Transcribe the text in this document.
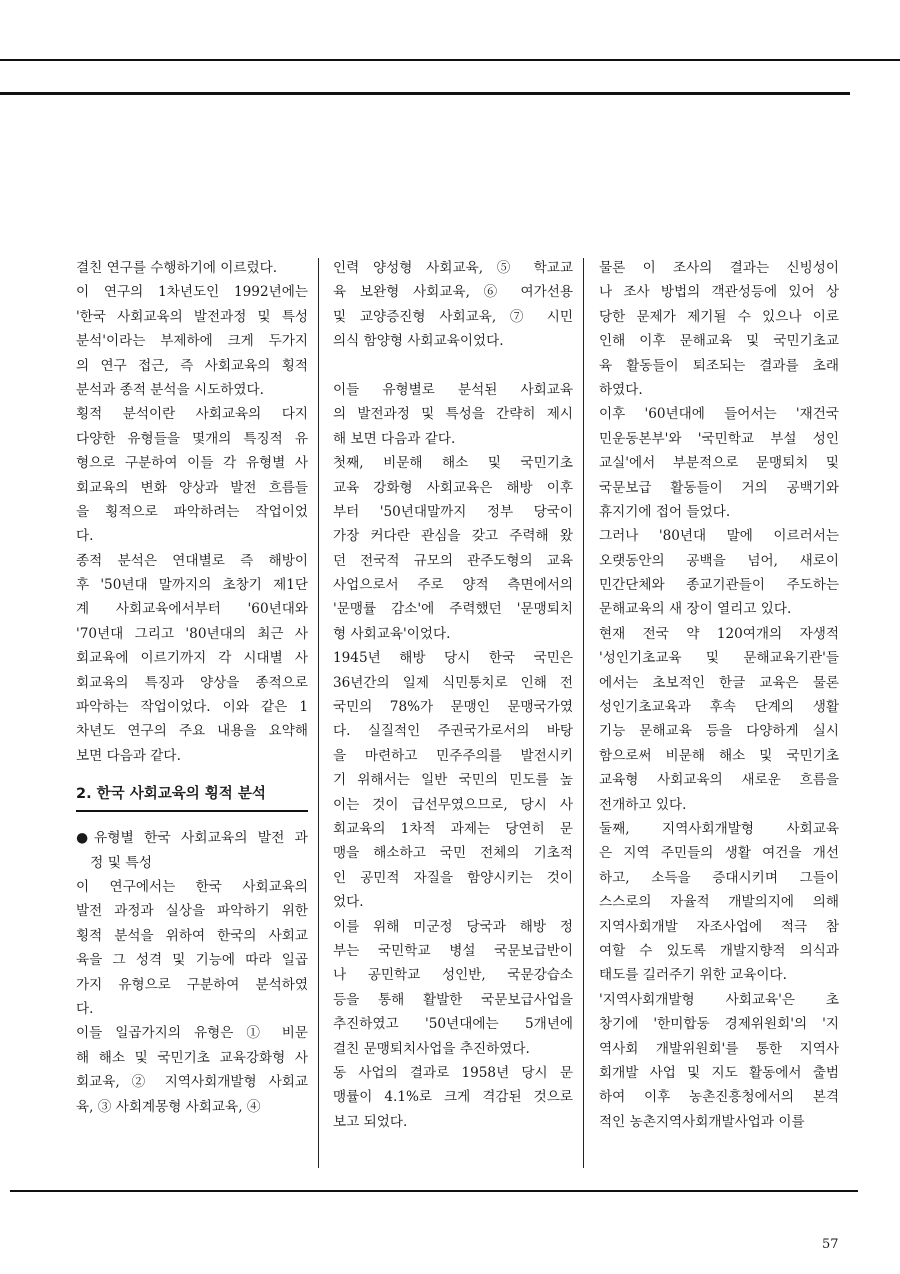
결친 연구를 수행하기에 이르렀다.
이 연구의 1차년도인 1992년에는
'한국 사회교육의 발전과정 및 특성
분석'이라는 부제하에 크게 두가지
의 연구 접근, 즉 사회교육의 횡적
분석과 종적 분석을 시도하였다.
횡적 분석이란 사회교육의 다지
다양한 유형들을 몇개의 특징적 유
형으로 구분하여 이들 각 유형별 사
회교육의 변화 양상과 발전 흐름들
을 횡적으로 파악하려는 작업이었
다.
종적 분석은 연대별로 즉 해방이
후 '50년대 말까지의 초창기 제1단
계 사회교육에서부터 '60년대와
'70년대 그리고 '80년대의 최근 사
회교육에 이르기까지 각 시대별 사
회교육의 특징과 양상을 종적으로
파악하는 작업이었다. 이와 같은 1
차년도 연구의 주요 내용을 요약해
보면 다음과 같다.
2. 한국 사회교육의 횡적 분석
●유형별 한국 사회교육의 발전 과
정 및 특성
이 연구에서는 한국 사회교육의
발전 과정과 실상을 파악하기 위한
횡적 분석을 위하여 한국의 사회교
육을 그 성격 및 기능에 따라 일곱
가지 유형으로 구분하여 분석하였
다.
이들 일곱가지의 유형은 ① 비문
해 해소 및 국민기초 교육강화형 사
회교육, ② 지역사회개발형 사회교
육, ③ 사회계몽형 사회교육, ④
인력 양성형 사회교육, ⑤ 학교교
육 보완형 사회교육, ⑥ 여가선용
및 교양증진형 사회교육, ⑦ 시민
의식 함양형 사회교육이었다.
이들 유형별로 분석된 사회교육
의 발전과정 및 특성을 간략히 제시
해 보면 다음과 같다.
첫째, 비문해 해소 및 국민기초
교육 강화형 사회교육은 해방 이후
부터 '50년대말까지 정부 당국이
가장 커다란 관심을 갖고 주력해 왔
던 전국적 규모의 관주도형의 교육
사업으로서 주로 양적 측면에서의
'문맹률 감소'에 주력했던 '문맹퇴치
형 사회교육'이었다.
1945년 해방 당시 한국 국민은
36년간의 일제 식민통치로 인해 전
국민의 78%가 문맹인 문맹국가였
다. 실질적인 주권국가로서의 바탕
을 마련하고 민주주의를 발전시키
기 위해서는 일반 국민의 민도를 높
이는 것이 급선무였으므로, 당시 사
회교육의 1차적 과제는 당연히 문
맹을 해소하고 국민 전체의 기초적
인 공민적 자질을 함양시키는 것이
었다.
이를 위해 미군정 당국과 해방 정
부는 국민학교 병설 국문보급반이
나 공민학교 성인반, 국문강습소
등을 통해 활발한 국문보급사업을
추진하였고 '50년대에는 5개년에
결친 문맹퇴치사업을 추진하였다.
동 사업의 결과로 1958년 당시 문
맹률이 4.1%로 크게 격감된 것으로
보고 되었다.
물론 이 조사의 결과는 신빙성이
나 조사 방법의 객관성등에 있어 상
당한 문제가 제기될 수 있으나 이로
인해 이후 문해교육 및 국민기초교
육 활동들이 퇴조되는 결과를 초래
하였다.
이후 '60년대에 들어서는 '재건국
민운동본부'와 '국민학교 부설 성인
교실'에서 부분적으로 문맹퇴치 및
국문보급 활동들이 거의 공백기와
휴지기에 접어 들었다.
그러나 '80년대 말에 이르러서는
오랫동안의 공백을 넘어, 새로이
민간단체와 종교기관들이 주도하는
문해교육의 새 장이 열리고 있다.
현재 전국 약 120여개의 자생적
'성인기초교육 및 문해교육기관'들
에서는 초보적인 한글 교육은 물론
성인기초교육과 후속 단계의 생활
기능 문해교육 등을 다양하게 실시
함으로써 비문해 해소 및 국민기초
교육형 사회교육의 새로운 흐름을
전개하고 있다.
둘째, 지역사회개발형 사회교육
은 지역 주민들의 생활 여건을 개선
하고, 소득을 증대시키며 그들이
스스로의 자율적 개발의지에 의해
지역사회개발 자조사업에 적극 참
여할 수 있도록 개발지향적 의식과
태도를 길러주기 위한 교육이다.
'지역사회개발형 사회교육'은 초
창기에 '한미합동 경제위원회'의 '지
역사회 개발위원회'를 통한 지역사
회개발 사업 및 지도 활동에서 출범
하여 이후 농촌진흥청에서의 본격
적인 농촌지역사회개발사업과 이를
57
